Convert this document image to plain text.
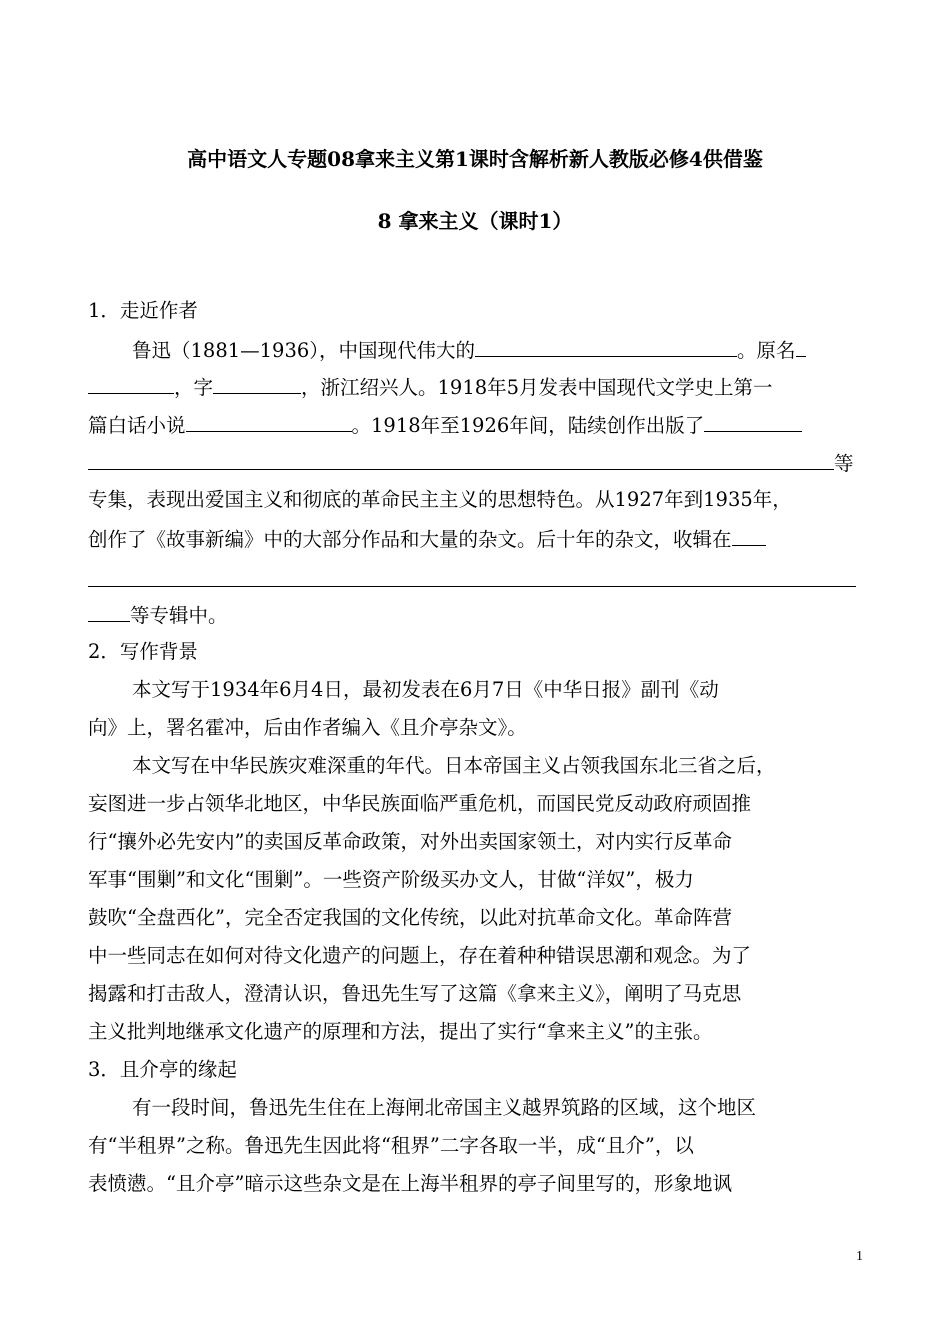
高中语文人专题08拿来主义第1课时含解析新人教版必修4供借鉴
8 拿来主义（课时1）
1．走近作者
鲁迅（1881—1936），中国现代伟大的	。原名
，字	，浙江绍兴人。1918年5月发表中国现代文学史上第一
篇白话小说	。1918年至1926年间，陆续创作出版了
等
专集，表现出爱国主义和彻底的革命民主主义的思想特色。从1927年到1935年，
创作了《故事新编》中的大部分作品和大量的杂文。后十年的杂文，收辑在
等专辑中。
2．写作背景
本文写于1934年6月4日，最初发表在6月7日《中华日报》副刊《动
向》上，署名霍冲，后由作者编入《且介亭杂文》。
本文写在中华民族灾难深重的年代。日本帝国主义占领我国东北三省之后，
妄图进一步占领华北地区，中华民族面临严重危机，而国民党反动政府顽固推
行“攘外必先安内”的卖国反革命政策，对外出卖国家领土，对内实行反革命
军事“围剿”和文化“围剿”。一些资产阶级买办文人，甘做“洋奴”，极力
鼓吹“全盘西化”，完全否定我国的文化传统，以此对抗革命文化。革命阵营
中一些同志在如何对待文化遗产的问题上，存在着种种错误思潮和观念。为了
揭露和打击敌人，澄清认识，鲁迅先生写了这篇《拿来主义》，阐明了马克思
主义批判地继承文化遗产的原理和方法，提出了实行“拿来主义”的主张。
3．且介亭的缘起
有一段时间，鲁迅先生住在上海闸北帝国主义越界筑路的区域，这个地区
有“半租界”之称。鲁迅先生因此将“租界”二字各取一半，成“且介”，以
表愤懑。“且介亭”暗示这些杂文是在上海半租界的亭子间里写的，形象地讽
1
